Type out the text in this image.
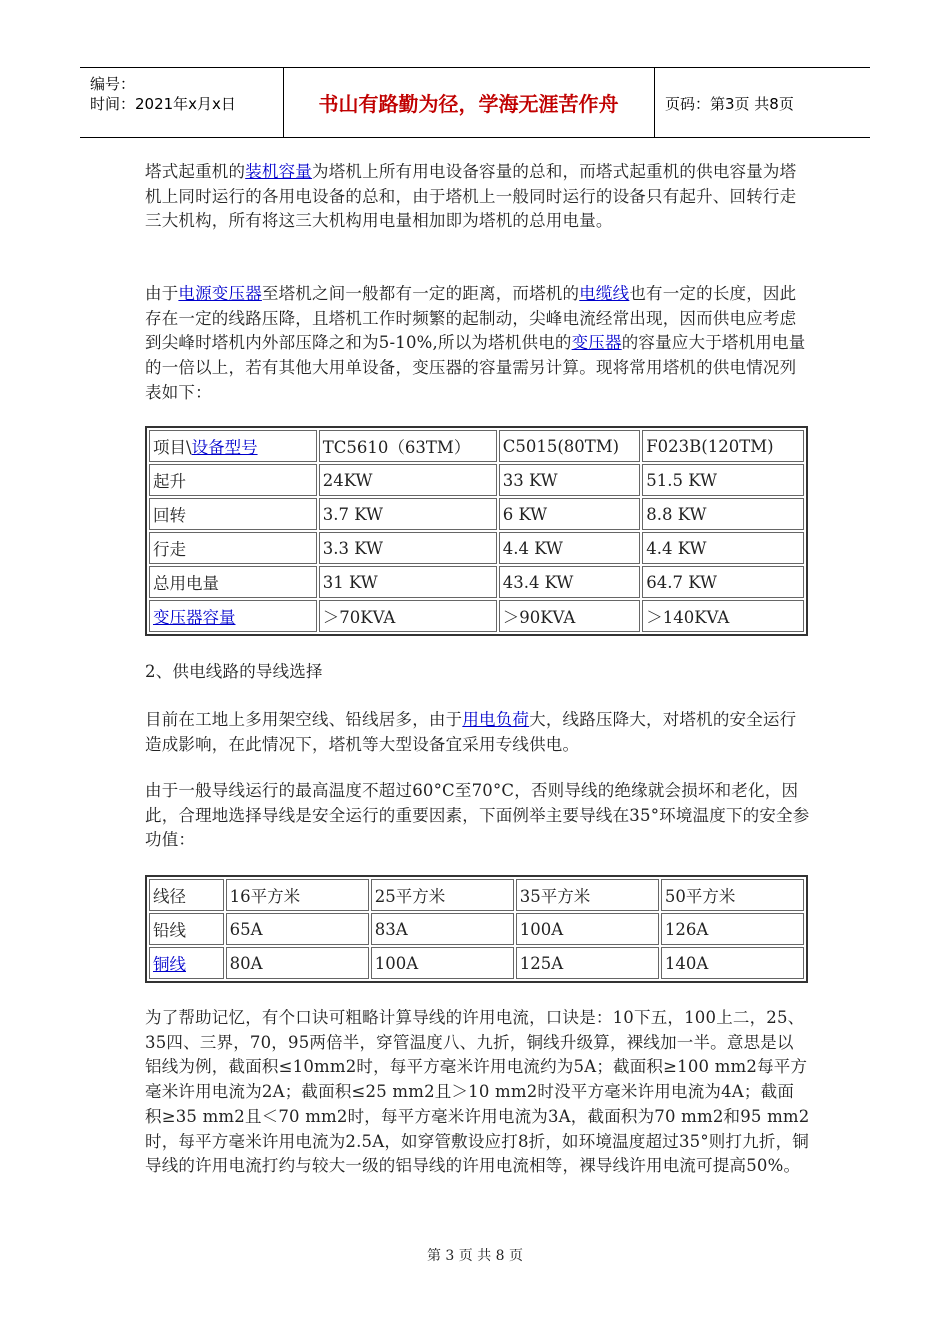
编号：
时间：2021年x月x日	书山有路勤为径，学海无涯苦作舟	页码：第3页 共8页

塔式起重机的装机容量为塔机上所有用电设备容量的总和，而塔式起重机的供电容量为塔机上同时运行的各用电设备的总和，由于塔机上一般同时运行的设备只有起升、回转行走三大机构，所有将这三大机构用电量相加即为塔机的总用电量。

由于电源变压器至塔机之间一般都有一定的距离，而塔机的电缆线也有一定的长度，因此存在一定的线路压降，且塔机工作时频繁的起制动，尖峰电流经常出现，因而供电应考虑到尖峰时塔机内外部压降之和为5-10%,所以为塔机供电的变压器的容量应大于塔机用电量的一倍以上，若有其他大用单设备，变压器的容量需另计算。现将常用塔机的供电情况列表如下：

项目\设备型号	TC5610（63TM）	C5015(80TM)	F023B(120TM)
起升	24KW	33 KW	51.5 KW
回转	3.7 KW	6 KW	8.8 KW
行走	3.3 KW	4.4 KW	4.4 KW
总用电量	31 KW	43.4 KW	64.7 KW
变压器容量	＞70KVA	＞90KVA	＞140KVA

2、供电线路的导线选择

目前在工地上多用架空线、铅线居多，由于用电负荷大，线路压降大，对塔机的安全运行造成影响，在此情况下，塔机等大型设备宜采用专线供电。

由于一般导线运行的最高温度不超过60°C至70°C，否则导线的绝缘就会损坏和老化，因此，合理地选择导线是安全运行的重要因素，下面例举主要导线在35°环境温度下的安全参功值：

线径	16平方米	25平方米	35平方米	50平方米
铅线	65A	83A	100A	126A
铜线	80A	100A	125A	140A

为了帮助记忆，有个口诀可粗略计算导线的许用电流，口诀是：10下五，100上二，25、35四、三界，70，95两倍半，穿管温度八、九折，铜线升级算，裸线加一半。意思是以铝线为例，截面积≤10mm2时，每平方毫米许用电流约为5A；截面积≥100 mm2每平方毫米许用电流为2A；截面积≤25 mm2且＞10 mm2时没平方毫米许用电流为4A；截面积≥35 mm2且＜70 mm2时，每平方毫米许用电流为3A，截面积为70 mm2和95 mm2时，每平方毫米许用电流为2.5A，如穿管敷设应打8折，如环境温度超过35°则打九折，铜导线的许用电流打约与较大一级的铝导线的许用电流相等，裸导线许用电流可提高50%。

第 3 页 共 8 页
